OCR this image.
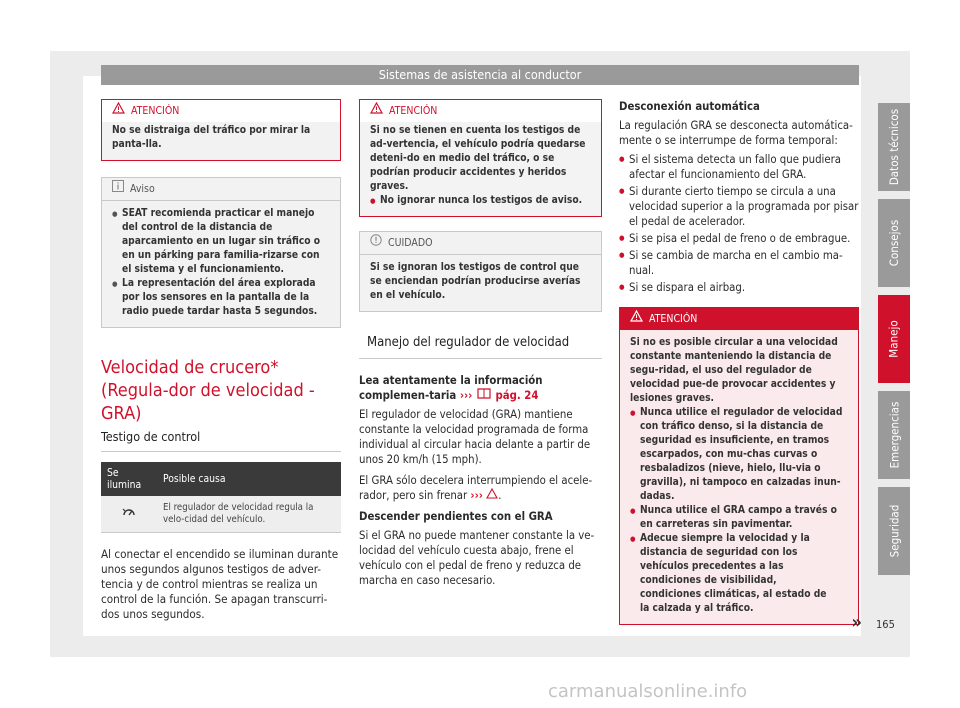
Sistemas de asistencia al conductor
ATENCIÓN

No se distraiga del tráfico por mirar la panta-lla.

Aviso

● SEAT recomienda practicar el manejo del control de la distancia de aparcamiento en un lugar sin tráfico o en un párking para familia-rizarse con el sistema y el funcionamiento.

● La representación del área explorada por los sensores en la pantalla de la radio puede tardar hasta 5 segundos.

Velocidad de crucero* (Regula-dor de velocidad - GRA)
Testigo de control
Se ilumina	Posible causa
	El regulador de velocidad regula la velo-cidad del vehículo.

Al conectar el encendido se iluminan durante unos segundos algunos testigos de adver-tencia y de control mientras se realiza un control de la función. Se apagan transcurri-dos unos segundos.

ATENCIÓN

Si no se tienen en cuenta los testigos de ad-vertencia, el vehículo podría quedarse deteni-do en medio del tráfico, o se podrían producir accidentes y heridos graves.

● No ignorar nunca los testigos de aviso.

CUIDADO

Si se ignoran los testigos de control que se enciendan podrían producirse averías en el vehículo.

Manejo del regulador de velocidad

Lea atentamente la información complemen-taria ››› pág. 24

El regulador de velocidad (GRA) mantiene constante la velocidad programada de forma individual al circular hacia delante a partir de unos 20 km/h (15 mph).

El GRA sólo decelera interrumpiendo el acele-rador, pero sin frenar ››› .

Descender pendientes con el GRA

Si el GRA no puede mantener constante la ve-locidad del vehículo cuesta abajo, frene el vehículo con el pedal de freno y reduzca de marcha en caso necesario.

Desconexión automática

La regulación GRA se desconecta automática-mente o se interrumpe de forma temporal:

● Si el sistema detecta un fallo que pudiera afectar el funcionamiento del GRA.

● Si durante cierto tiempo se circula a una velocidad superior a la programada por pisar el pedal de acelerador.

● Si se pisa el pedal de freno o de embrague.

● Si se cambia de marcha en el cambio ma-nual.

● Si se dispara el airbag.

ATENCIÓN

Si no es posible circular a una velocidad constante manteniendo la distancia de segu-ridad, el uso del regulador de velocidad pue-de provocar accidentes y lesiones graves.

● Nunca utilice el regulador de velocidad con tráfico denso, si la distancia de seguridad es insuficiente, en tramos escarpados, con mu-chas curvas o resbaladizos (nieve, hielo, llu-via o gravilla), ni tampoco en calzadas inun-dadas.

● Nunca utilice el GRA campo a través o en carreteras sin pavimentar.

● Adecue siempre la velocidad y la distancia de seguridad con los vehículos precedentes a las condiciones de visibilidad, condiciones climáticas, al estado de la calzada y al tráfico.

»
Datos técnicos
Consejos
Manejo
Emergencias
Seguridad
165
carmanualsonline.info
